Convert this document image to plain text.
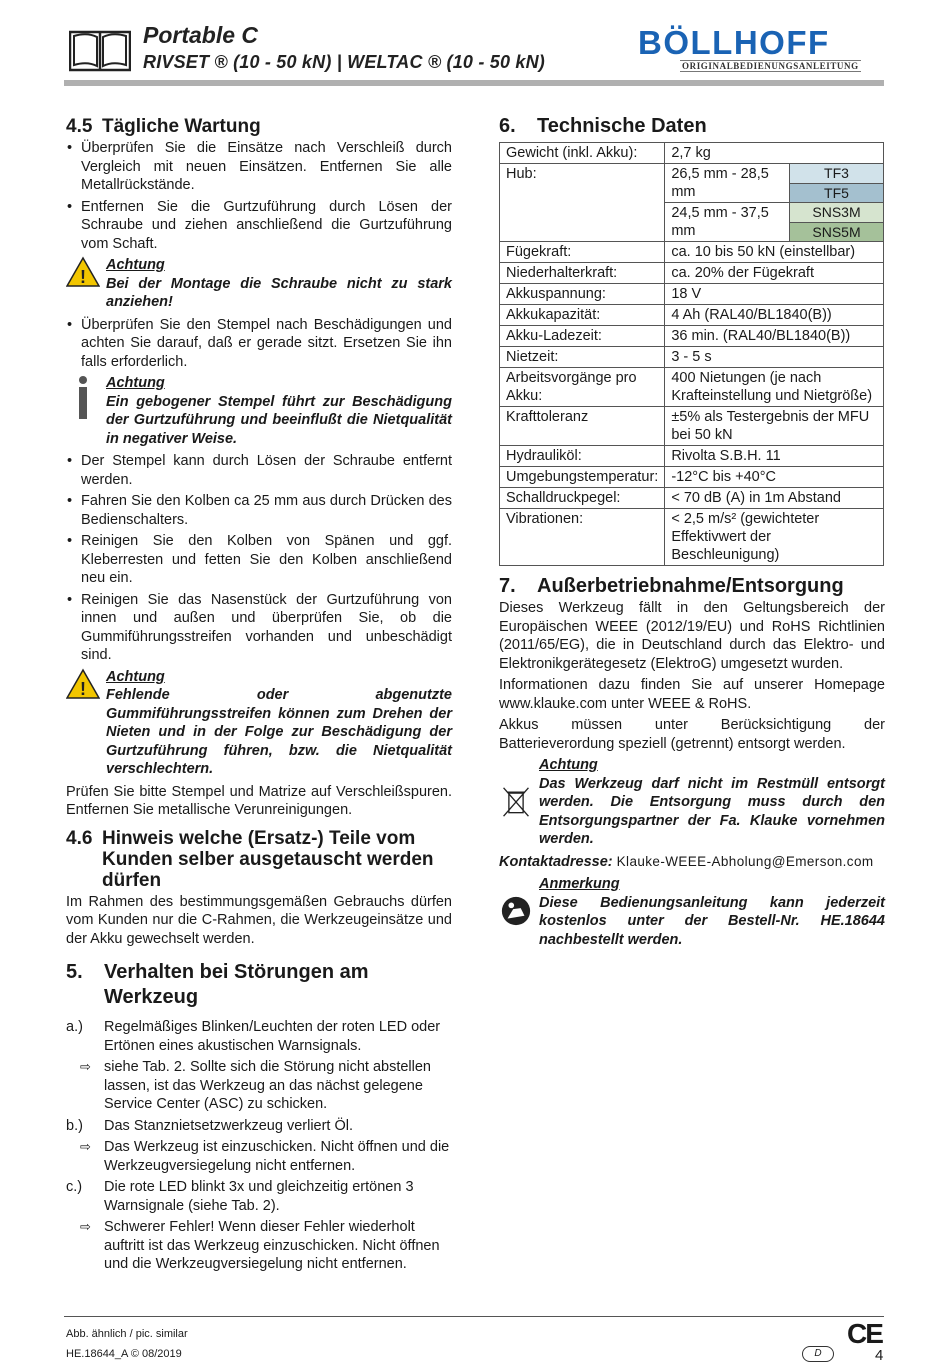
Portable C
RIVSET ® (10 - 50 kN) | WELTAC ® (10 - 50 kN)
BÖLLHOFF
ORIGINALBEDIENUNGSANLEITUNG
4.5 Tägliche Wartung
• Überprüfen Sie die Einsätze nach Verschleiß durch Vergleich mit neuen Einsätzen. Entfernen Sie alle Metallrückstände.
• Entfernen Sie die Gurtzuführung durch Lösen der Schraube und ziehen anschließend die Gurtzuführung vom Schaft.
!
Achtung
Bei der Montage die Schraube nicht zu stark anziehen!
• Überprüfen Sie den Stempel nach Beschädigungen und achten Sie darauf, daß er gerade sitzt. Ersetzen Sie ihn falls erforderlich.
Achtung
Ein gebogener Stempel führt zur Beschädigung der Gurtzuführung und beeinflußt die Nietqualität in negativer Weise.
• Der Stempel kann durch Lösen der Schraube entfernt werden.
• Fahren Sie den Kolben ca 25 mm aus durch Drücken des Bedienschalters.
• Reinigen Sie den Kolben von Spänen und ggf. Kleberresten und fetten Sie den Kolben anschließend neu ein.
• Reinigen Sie das Nasenstück der Gurtzuführung von innen und außen und überprüfen Sie, ob die Gummiführungsstreifen vorhanden und unbeschädigt sind.
!
Achtung
Fehlende oder abgenutzte Gummiführungsstreifen können zum Drehen der Nieten und in der Folge zur Beschädigung der Gurtzuführung führen, bzw. die Nietqualität verschlechtern.

Prüfen Sie bitte Stempel und Matrize auf Verschleißspuren. Entfernen Sie metallische Verunreinigungen.

4.6 Hinweis welche (Ersatz-) Teile vom Kunden selber ausgetauscht werden dürfen

Im Rahmen des bestimmungsgemäßen Gebrauchs dürfen vom Kunden nur die C-Rahmen, die Werkzeugeinsätze und der Akku gewechselt werden.

5.	Verhalten bei Störungen am Werkzeug
a.)	Regelmäßiges Blinken/Leuchten der roten LED oder Ertönen eines akustischen Warnsignals.
⇨ siehe Tab. 2. Sollte sich die Störung nicht abstellen lassen, ist das Werkzeug an das nächst gelegene Service Center (ASC) zu schicken.
b.)	Das Stanznietsetzwerkzeug verliert Öl.
⇨ Das Werkzeug ist einzuschicken. Nicht öffnen und die Werkzeugversiegelung nicht entfernen.
c.)	Die rote LED blinkt 3x und gleichzeitig ertönen 3 Warnsignale (siehe Tab. 2).
⇨ Schwerer Fehler! Wenn dieser Fehler wiederholt auftritt ist das Werkzeug einzuschicken. Nicht öffnen und die Werkzeugversiegelung nicht entfernen.
6.	Technische Daten
Gewicht (inkl. Akku):	2,7 kg	
Hub:	26,5 mm - 28,5 mm	TF3
		TF5
	24,5 mm - 37,5 mm	SNS3M
		SNS5M
Fügekraft:	ca. 10 bis 50 kN (einstellbar)	
Niederhalterkraft:	ca. 20% der Fügekraft	
Akkuspannung:	18 V	
Akkukapazität:	4 Ah (RAL40/BL1840(B))	
Akku-Ladezeit:	36 min. (RAL40/BL1840(B))	
Nietzeit:	3 - 5 s	
Arbeitsvorgänge pro Akku:	400 Nietungen (je nach Krafteinstellung und Nietgröße)	
Krafttoleranz	±5% als Testergebnis der MFU bei 50 kN	
Hydrauliköl:	Rivolta S.B.H. 11	
Umgebungstemperatur:	-12°C bis +40°C	
Schalldruckpegel:	< 70 dB (A) in 1m Abstand	
Vibrationen:	< 2,5 m/s² (gewichteter Effektivwert der Beschleunigung)	
7.	Außerbetriebnahme/Entsorgung

Dieses Werkzeug fällt in den Geltungsbereich der Europäischen WEEE (2012/19/EU) und RoHS Richtlinien (2011/65/EG), die in Deutschland durch das Elektro- und Elektronikgerätegesetz (ElektroG) umgesetzt wurden.

Informationen dazu finden Sie auf unserer Homepage www.klauke.com unter WEEE & RoHS.

Akkus müssen unter Berücksichtigung der Batterieverordung speziell (getrennt) entsorgt werden.

Achtung
Das Werkzeug darf nicht im Restmüll entsorgt werden. Die Entsorgung muss durch den Entsorgungspartner der Fa. Klauke vornehmen werden.
Kontaktadresse: Klauke-WEEE-Abholung@Emerson.com
Anmerkung
Diese Bedienungsanleitung kann jederzeit kostenlos unter der Bestell-Nr. HE.18644 nachbestellt werden.
Abb. ähnlich / pic. similar
HE.18644_A © 08/2019
CE
D	4
